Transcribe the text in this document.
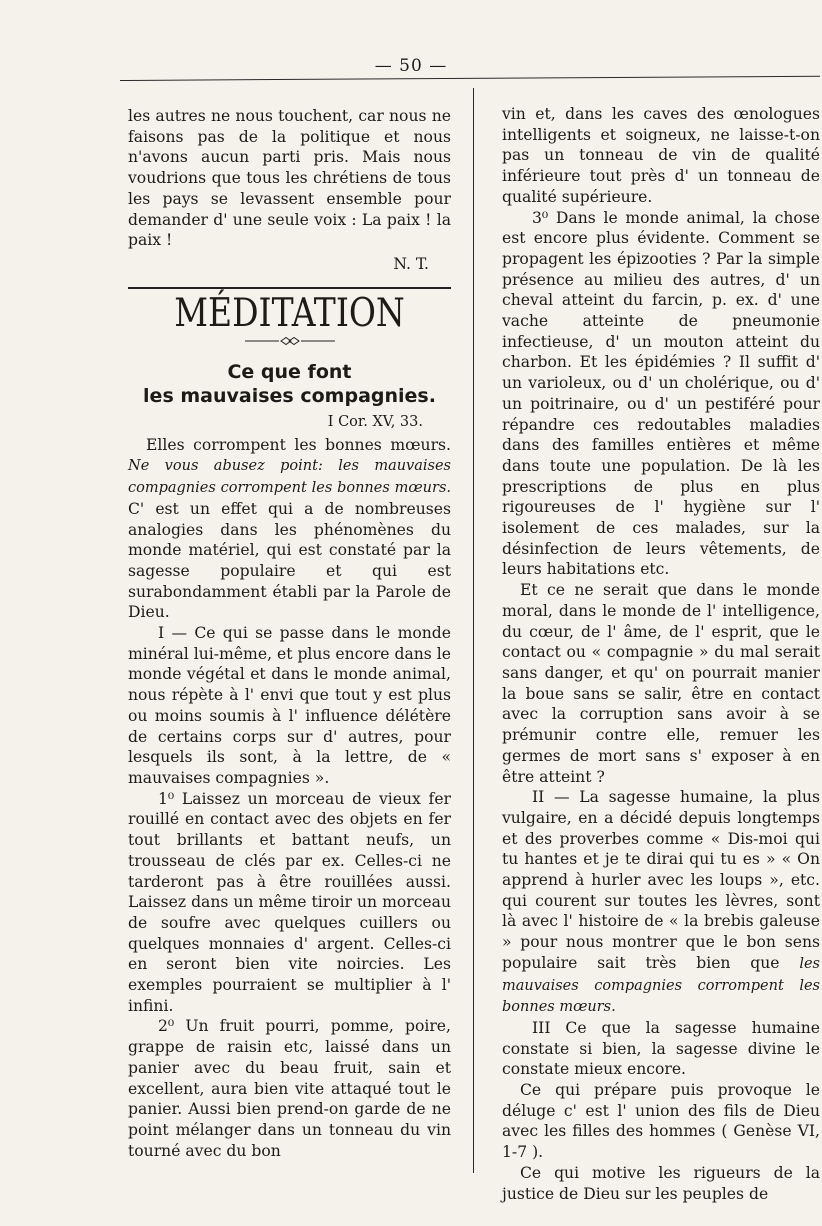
— 50 —

les autres ne nous touchent, car nous ne faisons pas de la politique et nous n'avons aucun parti pris. Mais nous voudrions que tous les chrétiens de tous les pays se levassent ensemble pour demander d' une seule voix : La paix ! la paix !

N. T.

MÉDITATION
Ce que font
les mauvaises compagnies.

I Cor. XV, 33.

Elles corrompent les bonnes mœurs. Ne vous abusez point: les mauvaises compagnies corrompent les bonnes mœurs. C' est un effet qui a de nombreuses analogies dans les phénomènes du monde matériel, qui est constaté par la sagesse populaire et qui est surabondamment établi par la Parole de Dieu.

I — Ce qui se passe dans le monde minéral lui-même, et plus encore dans le monde végétal et dans le monde animal, nous répète à l' envi que tout y est plus ou moins soumis à l' influence délétère de certains corps sur d' autres, pour lesquels ils sont, à la lettre, de « mauvaises compagnies ».

1⁰ Laissez un morceau de vieux fer rouillé en contact avec des objets en fer tout brillants et battant neufs, un trousseau de clés par ex. Celles-ci ne tarderont pas à être rouillées aussi. Laissez dans un même tiroir un morceau de soufre avec quelques cuillers ou quelques monnaies d' argent. Celles-ci en seront bien vite noircies. Les exemples pourraient se multiplier à l' infini.

2⁰ Un fruit pourri, pomme, poire, grappe de raisin etc, laissé dans un panier avec du beau fruit, sain et excellent, aura bien vite attaqué tout le panier. Aussi bien prend-on garde de ne point mélanger dans un tonneau du vin tourné avec du bon

vin et, dans les caves des œnologues intelligents et soigneux, ne laisse-t-on pas un tonneau de vin de qualité inférieure tout près d' un tonneau de qualité supérieure.

3⁰ Dans le monde animal, la chose est encore plus évidente. Comment se propagent les épizooties ? Par la simple présence au milieu des autres, d' un cheval atteint du farcin, p. ex. d' une vache atteinte de pneumonie infectieuse, d' un mouton atteint du charbon. Et les épidémies ? Il suffit d' un varioleux, ou d' un cholérique, ou d' un poitrinaire, ou d' un pestiféré pour répandre ces redoutables maladies dans des familles entières et même dans toute une population. De là les prescriptions de plus en plus rigoureuses de l' hygiène sur l' isolement de ces malades, sur la désinfection de leurs vêtements, de leurs habitations etc.

Et ce ne serait que dans le monde moral, dans le monde de l' intelligence, du cœur, de l' âme, de l' esprit, que le contact ou « compagnie » du mal serait sans danger, et qu' on pourrait manier la boue sans se salir, être en contact avec la corruption sans avoir à se prémunir contre elle, remuer les germes de mort sans s' exposer à en être atteint ?

II — La sagesse humaine, la plus vulgaire, en a décidé depuis longtemps et des proverbes comme « Dis-moi qui tu hantes et je te dirai qui tu es » « On apprend à hurler avec les loups », etc. qui courent sur toutes les lèvres, sont là avec l' histoire de « la brebis galeuse » pour nous montrer que le bon sens populaire sait très bien que les mauvaises compagnies corrompent les bonnes mœurs.

III Ce que la sagesse humaine constate si bien, la sagesse divine le constate mieux encore.

Ce qui prépare puis provoque le déluge c' est l' union des fils de Dieu avec les filles des hommes ( Genèse VI, 1-7 ).

Ce qui motive les rigueurs de la justice de Dieu sur les peuples de
